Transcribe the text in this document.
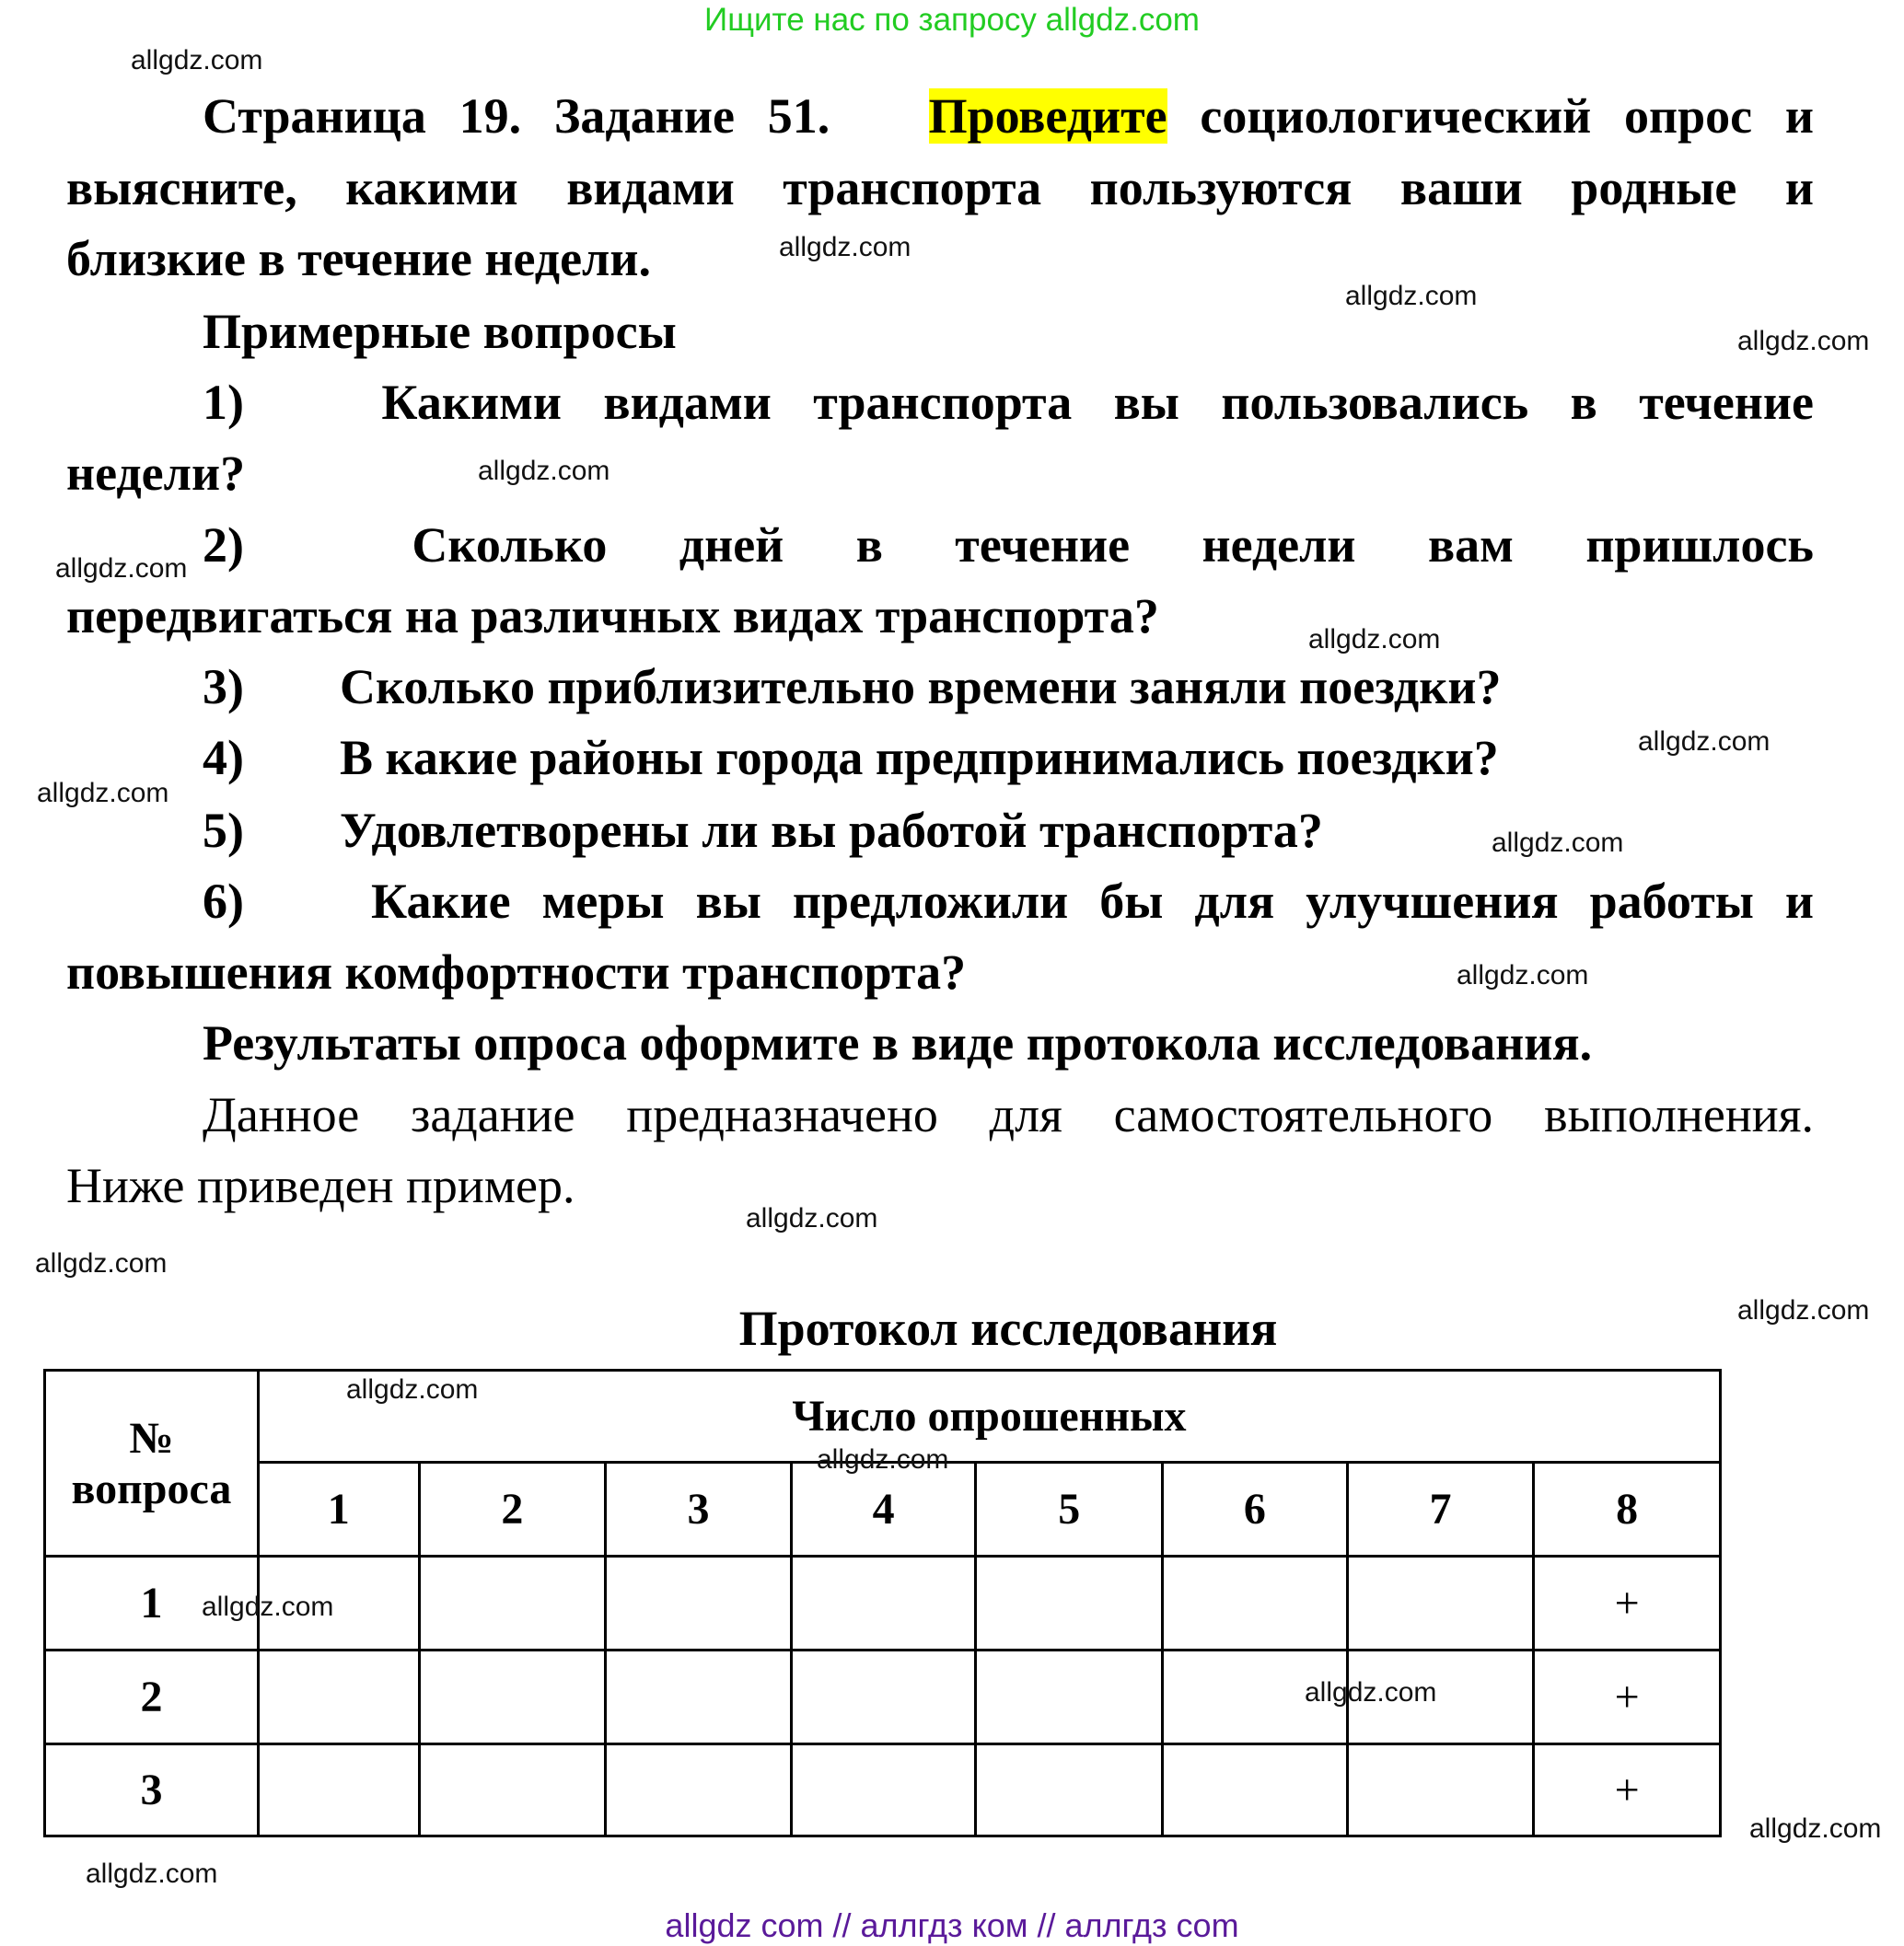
Ищите нас по запросу allgdz.com
Страница 19. Задание 51. Проведите социологический опрос и
выясните, какими видами транспорта пользуются ваши родные и
близкие в течение недели.
Примерные вопросы
1)	Какими видами транспорта вы пользовались в течение
недели?
2)	Сколько дней в течение недели вам пришлось
передвигаться на различных видах транспорта?
3) Сколько приблизительно времени заняли поездки?
4) В какие районы города предпринимались поездки?
5) Удовлетворены ли вы работой транспорта?
6)	Какие меры вы предложили бы для улучшения работы и
повышения комфортности транспорта?
Результаты опроса оформите в виде протокола исследования.
Данное задание предназначено для самостоятельного выполнения.
Ниже приведен пример.
Протокол исследования
№
вопроса	Число опрошенных							
	1	2	3	4	5	6	7	8
1								+
2								+
3								+
allgdz.com
allgdz.com
allgdz.com
allgdz.com
allgdz.com
allgdz.com
allgdz.com
allgdz.com
allgdz.com
allgdz.com
allgdz.com
allgdz.com
allgdz.com
allgdz.com
allgdz.com
allgdz.com
allgdz.com
allgdz.com
allgdz.com
allgdz.com
allgdz com // аллгдз ком // аллгдз com
